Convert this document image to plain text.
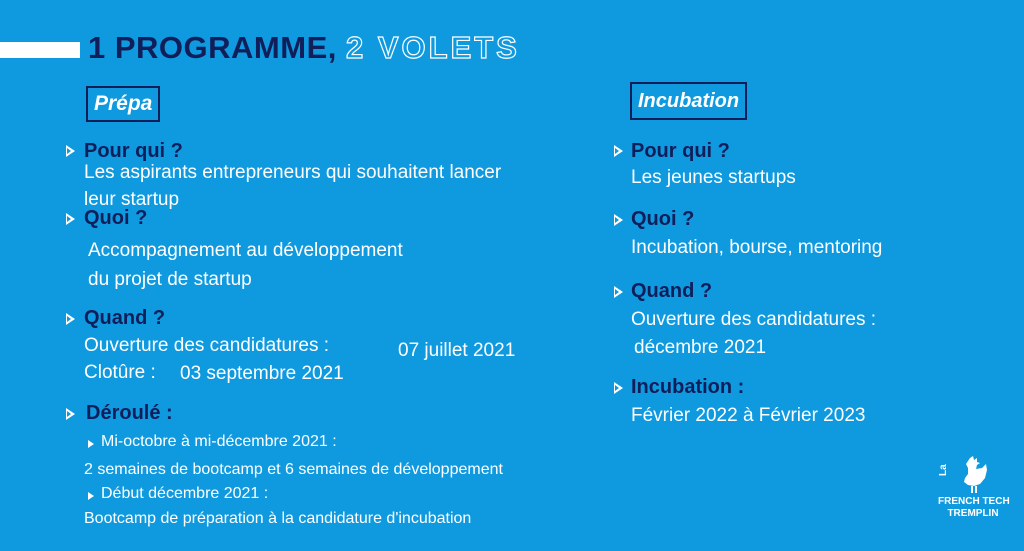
1 PROGRAMME, 2 VOLETS
Prépa
Pour qui ?
Les aspirants entrepreneurs qui souhaitent lancer
leur startup
Quoi ?
Accompagnement au développement
du projet de startup
Quand ?
Ouverture des candidatures :	07 juillet 2021
Clotûre : 03 septembre 2021
Déroulé :
Mi-octobre à mi-décembre 2021 :
2 semaines de bootcamp et 6 semaines de développement
Début décembre 2021 :
Bootcamp de préparation à la candidature d'incubation
Incubation
Pour qui ?
Les jeunes startups
Quoi ?
Incubation, bourse, mentoring
Quand ?
Ouverture des candidatures :
décembre 2021
Incubation :
Février 2022 à Février 2023
La
FRENCH TECH
TREMPLIN
